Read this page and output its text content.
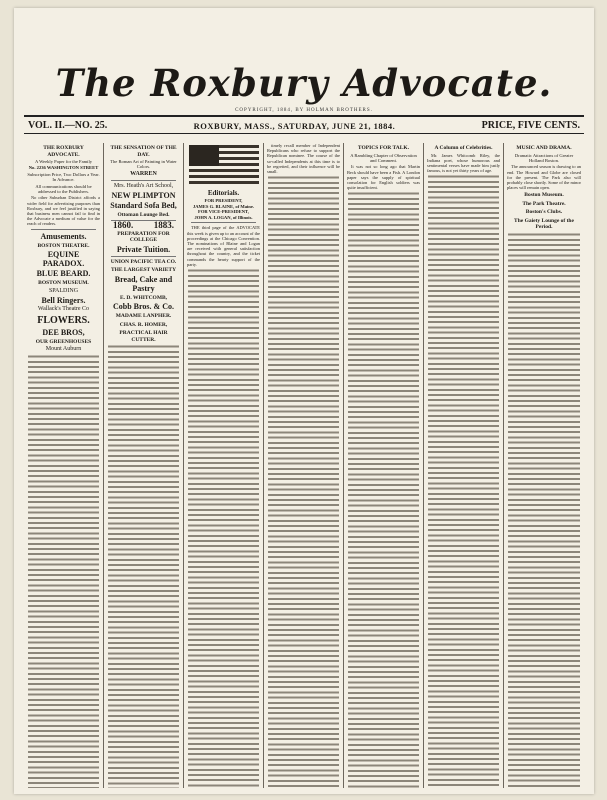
The Roxbury Advocate.
COPYRIGHT, 1884, BY HOLMAN BROTHERS.
VOL. II.—NO. 25.	ROXBURY, MASS., SATURDAY, JUNE 21, 1884.	PRICE, FIVE CENTS.
THE ROXBURY ADVOCATE.
A Weekly Paper for the Family
No. 2236 WASHINGTON STREET
Subscription Price, Two Dollars a Year. In Advance.
All communications should be addressed to the Publishers.
No other Suburban District affords a wider field for advertising purposes than Roxbury, and we feel justified in saying that business men cannot fail to find in the Advocate a medium of value for the reach of readers.
Amusements.
BOSTON THEATRE.
EQUINE PARADOX.
BLUE BEARD.
BOSTON MUSEUM.
SPALDING
Bell Ringers.
Wallack's Theatre Co
FLOWERS.
DEE BROS,
OUR GREENHOUSES
Mount Auburn
THE SENSATION OF THE DAY.
The Roman Art of Painting in Water Colors.
WARREN
Mrs. Heath's Art School,
NEW PLIMPTON
Standard Sofa Bed,
Ottoman Lounge Bed.
1860. 1883.
PREPARATION FOR COLLEGE
Private Tuition.
UNION PACIFIC TEA CO.
THE LARGEST VARIETY
Bread, Cake and Pastry
E. D. WHITCOMB,
Cobb Bros. & Co.
MADAME LANPHER.
CHAS. R. HOMER,
PRACTICAL HAIR CUTTER.
Editorials.
FOR PRESIDENT,
JAMES G. BLAINE, of Maine.
FOR VICE-PRESIDENT,
JOHN A. LOGAN, of Illinois.
THE third page of the ADVOCATE this week is given up to an account of the proceedings at the Chicago Convention. The nominations of Blaine and Logan are received with general satisfaction throughout the country, and the ticket commands the hearty support of the party.
timely recall member of Independent Republicans who refuse to support the Republican nominee. The course of the so-called Independents at this time is to be regretted, and their influence will be small.
TOPICS FOR TALK.
A Rambling Chapter of Observation and Comment.
It was not so long ago that Martin Beck should have been a Fish. A London paper says the supply of spiritual consolation for English soldiers was quite insufficient.
A Column of Celebrities.
Mr. James Whitcomb Riley, the Indiana poet, whose humorous and sentimental verses have made him justly famous, is not yet thirty years of age.
MUSIC AND DRAMA.
Dramatic Attractions of Greater Holland Boston.
The announced season is drawing to an end. The Howard and Globe are closed for the present. The Park also will probably close shortly. Some of the minor places will remain open.
Boston Museum.
The Park Theatre.
Boston's Clubs.
The Gaiety Lounge of the Period.
